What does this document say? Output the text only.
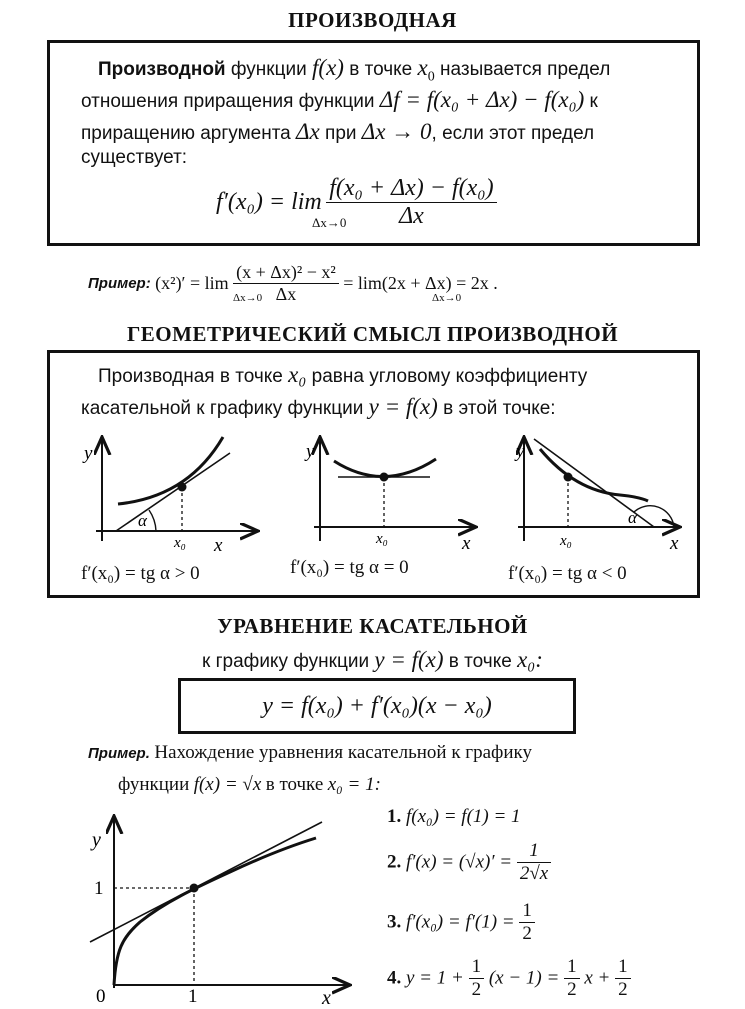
ПРОИЗВОДНАЯ
Производной функции f(x) в точке $x_0$ называется предел
отношения приращения функции Δf = f(x₀ + Δx) − f(x₀) к
приращению аргумента Δx при Δx → 0, если этот предел
существует:
$f'(x_0) = \lim \frac{\text{f(x₀ + Δx) − f(x₀)}}{\Delta x}$
Δx→0
Пример: $(x^2)' = \lim \frac{\text{(x + Δx)² − x²}}{\Delta x} = \lim(2x + \Delta x) = 2x$ .
Δx→0	Δx→0
ГЕОМЕТРИЧЕСКИЙ СМЫСЛ ПРОИЗВОДНОЙ
Производная в точке x₀ равна угловому коэффициенту
касательной к графику функции y = f(x) в этой точке:
α
y
x
x₀
f′(x₀) = tg α > 0
y
x
x₀
f′(x₀) = tg α = 0
α
y
x
x₀
f′(x₀) = tg α < 0
УРАВНЕНИЕ КАСАТЕЛЬНОЙ
к графику функции y = f(x) в точке x₀:
y = f(x₀) + f′(x₀)(x − x₀)
Пример. Нахождение уравнения касательной к графику
функции f(x) = √x в точке x₀ = 1:
y
1
1
0	x
1. f(x₀) = f(1) = 1
2. $f'(x) = (√x)' = \frac{1}{2√x}$
3. $f'(x_0) = f'(1) = \frac{1}{2}$
4. $y = 1 + \frac{1}{2} (x - 1) = \frac{1}{2}$ $x + \frac{1}{2}$
